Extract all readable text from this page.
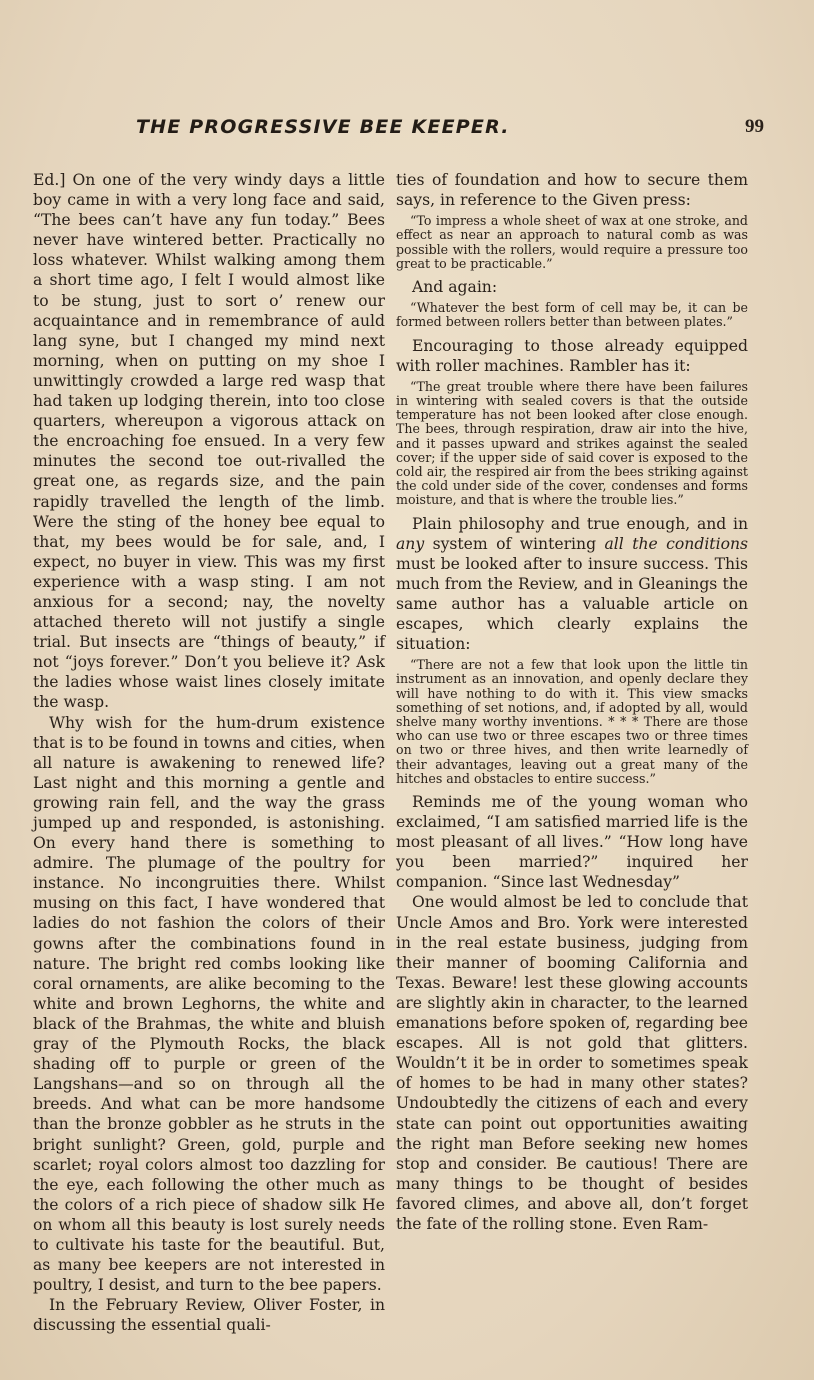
THE PROGRESSIVE BEE KEEPER.	99

Ed.] On one of the very windy days a little boy came in with a very long face and said, “The bees can’t have any fun today.” Bees never have wintered better. Practically no loss whatever. Whilst walking among them a short time ago, I felt I would almost like to be stung, just to sort o’ renew our acquaintance and in remembrance of auld lang syne, but I changed my mind next morning, when on putting on my shoe I unwittingly crowded a large red wasp that had taken up lodging therein, into too close quarters, whereupon a vigorous attack on the encroaching foe ensued. In a very few minutes the second toe out-rivalled the great one, as regards size, and the pain rapidly travelled the length of the limb. Were the sting of the honey bee equal to that, my bees would be for sale, and, I expect, no buyer in view. This was my first experience with a wasp sting. I am not anxious for a second; nay, the novelty attached thereto will not justify a single trial. But insects are “things of beauty,” if not “joys forever.” Don’t you believe it? Ask the ladies whose waist lines closely imitate the wasp.

Why wish for the hum-drum existence that is to be found in towns and cities, when all nature is awakening to renewed life? Last night and this morning a gentle and growing rain fell, and the way the grass jumped up and responded, is astonishing. On every hand there is something to admire. The plumage of the poultry for instance. No incongruities there. Whilst musing on this fact, I have wondered that ladies do not fashion the colors of their gowns after the combinations found in nature. The bright red combs looking like coral ornaments, are alike becoming to the white and brown Leghorns, the white and black of the Brahmas, the white and bluish gray of the Plymouth Rocks, the black shading off to purple or green of the Langshans—and so on through all the breeds. And what can be more handsome than the bronze gobbler as he struts in the bright sunlight? Green, gold, purple and scarlet; royal colors almost too dazzling for the eye, each following the other much as the colors of a rich piece of shadow silk He on whom all this beauty is lost surely needs to cultivate his taste for the beautiful. But, as many bee keepers are not interested in poultry, I desist, and turn to the bee papers.

In the February Review, Oliver Foster, in discussing the essential quali-

ties of foundation and how to secure them says, in reference to the Given press:

“To impress a whole sheet of wax at one stroke, and effect as near an approach to natural comb as was possible with the rollers, would require a pressure too great to be practicable.”

And again:

“Whatever the best form of cell may be, it can be formed between rollers better than between plates.”

Encouraging to those already equipped with roller machines. Rambler has it:

“The great trouble where there have been failures in wintering with sealed covers is that the outside temperature has not been looked after close enough. The bees, through respiration, draw air into the hive, and it passes upward and strikes against the sealed cover; if the upper side of said cover is exposed to the cold air, the respired air from the bees striking against the cold under side of the cover, condenses and forms moisture, and that is where the trouble lies.”

Plain philosophy and true enough, and in any system of wintering all the conditions must be looked after to insure success. This much from the Review, and in Gleanings the same author has a valuable article on escapes, which clearly explains the situation:

“There are not a few that look upon the little tin instrument as an innovation, and openly declare they will have nothing to do with it. This view smacks something of set notions, and, if adopted by all, would shelve many worthy inventions. * * * There are those who can use two or three escapes two or three times on two or three hives, and then write learnedly of their advantages, leaving out a great many of the hitches and obstacles to entire success.”

Reminds me of the young woman who exclaimed, “I am satisfied married life is the most pleasant of all lives.” “How long have you been married?” inquired her companion. “Since last Wednesday”

One would almost be led to conclude that Uncle Amos and Bro. York were interested in the real estate business, judging from their manner of booming California and Texas. Beware! lest these glowing accounts are slightly akin in character, to the learned emanations before spoken of, regarding bee escapes. All is not gold that glitters. Wouldn’t it be in order to sometimes speak of homes to be had in many other states? Undoubtedly the citizens of each and every state can point out opportunities awaiting the right man Before seeking new homes stop and consider. Be cautious! There are many things to be thought of besides favored climes, and above all, don’t forget the fate of the rolling stone. Even Ram-
